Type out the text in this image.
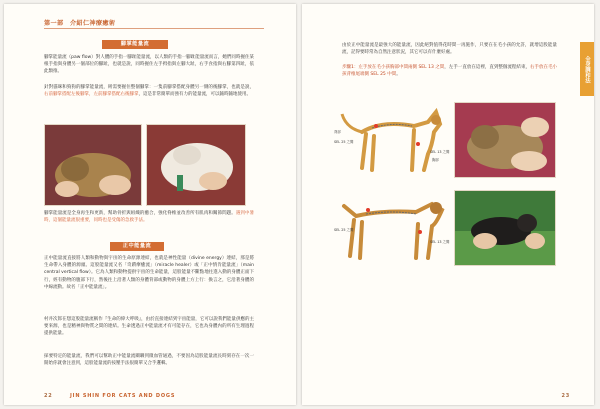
第一部　介紹仁神療癒術
腳掌能量流

腳掌能量流（paw flow）對人體的手指一腳趾能量流，以人類的手指一腳趾能量流而言，她們同時握住某根手指與身體另一個部位的腳趾，也就是說，同時握住左手拇指與左腳大趾，右手食指與右腳第四趾，依此類推。

針對貓咪和狗狗的腳掌能量流，則需要握住整個腳掌：一隻前腳掌搭配身體另一側的後腳掌，也就是說，右前腳掌搭配左後腳掌，左前腳掌搭配右後腳掌，這是非常簡單而強有力的能量流，可以隨時隨地使用。

腳掌能量流是全身再生和更新，幫助骨折與組織的癒合，強化脊椎並改善所有肌肉和關節問題。遇到中暑時，這個能量流很重要，同時也是受傷的急救手法。

正中能量流

正中能量流直接將人類和動物與宇宙的生命原源連結，也就是神性能量（divine energy）連結，那是將生命帶入身體的源頭。這股能量流又名「奇蹟療癒流」（miracle healer）或「正中情肯能量流」（main central vertical flow）。它為人類和動物提供宇宙的生命能量，這股能量不斷點地往進入動的身體正面下行，經有動物的腹部下行，然後往上沿著人類的身體背部或動物的身體上方上行：換言之，它沿著身體的中線流動。故名「正中能量流」。

村井次郎在想這股能量流稱作『生命的偉大呼吸』，由於直接連結到宇宙能量，它可以說我們能量供應的主要來源，也是精神與物質之間的連結。生命透過正中能量流才有可能存在，它也為身體內的所有生理過程提供能量。

採要特定的能量流，我們可以幫助正中能量流關聯到微血管通過，不要因為這股能量流長時刻存在一次一開始你就會注意到，這股能量流的按壓手法很簡單又合乎邏輯。

22	JIN SHIN FOR CATS AND DOGS
全身調和法

由於正中能量流是最強大的能量流，因此絕對值得花時間一再施作，只要在在毛小孩的允許，就增這股能量流，記得要時常為自然注意狀況，其它可以有什麼好處。

步驟1：左手放在毛小孩胸部中間兩側 SEL 13 之間，左手一直放在這裡，直到整個流程結束，右手放在毛小孩背椎尾端側 SEL 25 中間。

背部
SEL 25 之間
SEL 13 之間
胸部
SEL 25 之間
SEL 13 之間
23
